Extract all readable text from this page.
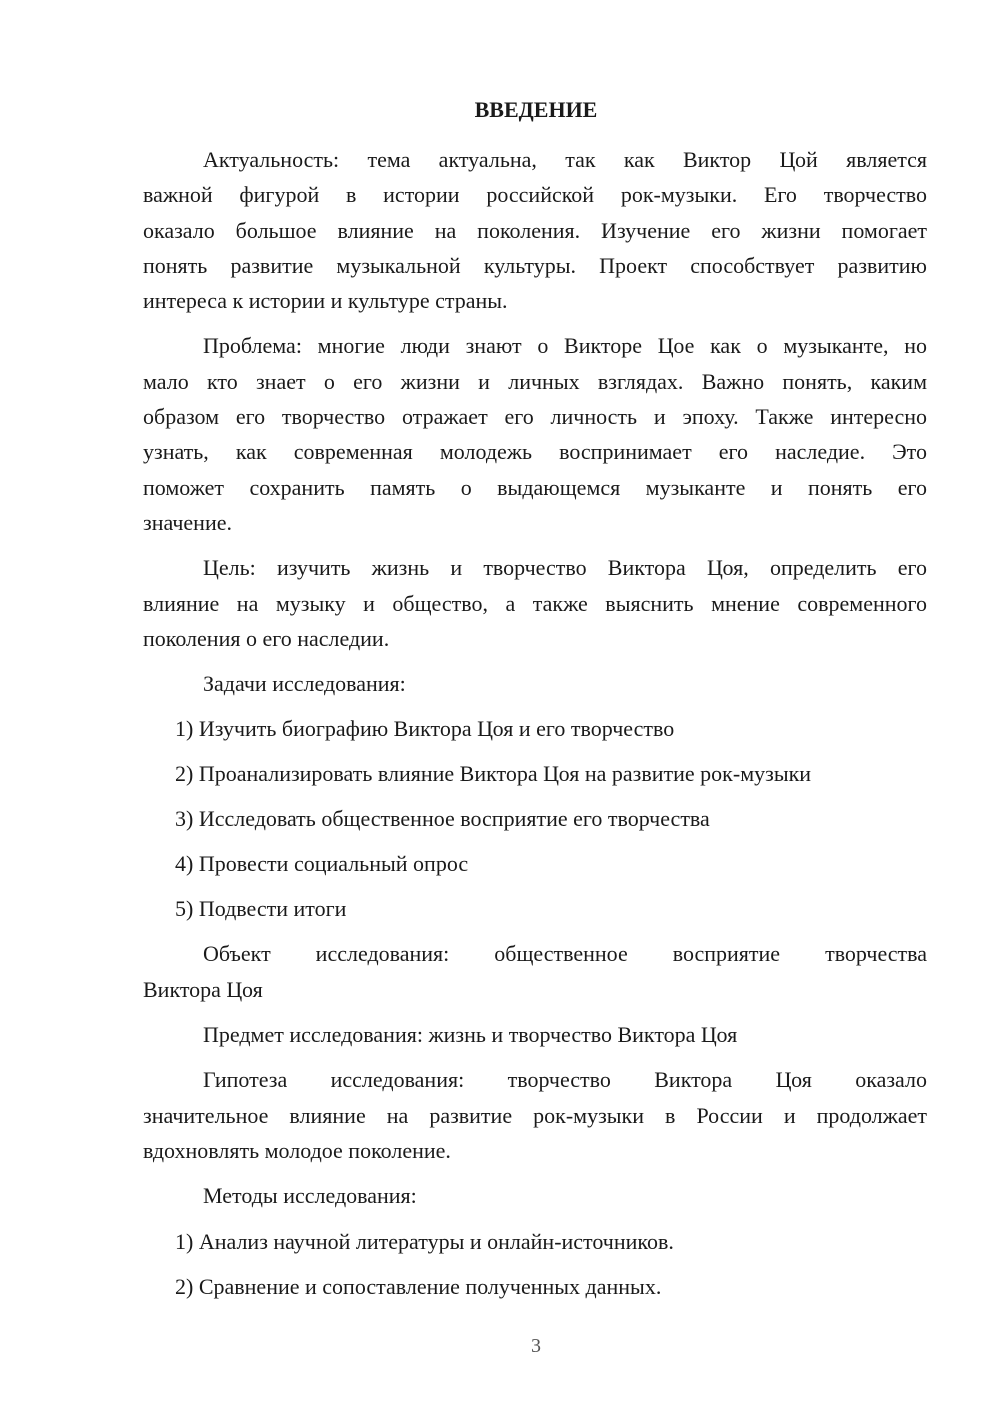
ВВЕДЕНИЕ
Актуальность: тема актуальна, так как Виктор Цой является
важной фигурой в истории российской рок-музыки. Его творчество
оказало большое влияние на поколения. Изучение его жизни помогает
понять развитие музыкальной культуры. Проект способствует развитию
интереса к истории и культуре страны.
Проблема: многие люди знают о Викторе Цое как о музыканте, но
мало кто знает о его жизни и личных взглядах. Важно понять, каким
образом его творчество отражает его личность и эпоху. Также интересно
узнать, как современная молодежь воспринимает его наследие. Это
поможет сохранить память о выдающемся музыканте и понять его
значение.
Цель: изучить жизнь и творчество Виктора Цоя, определить его
влияние на музыку и общество, а также выяснить мнение современного
поколения о его наследии.
Задачи исследования:
1) Изучить биографию Виктора Цоя и его творчество
2) Проанализировать влияние Виктора Цоя на развитие рок-музыки
3) Исследовать общественное восприятие его творчества
4) Провести социальный опрос
5) Подвести итоги
Объект исследования: общественное восприятие творчества
Виктора Цоя
Предмет исследования: жизнь и творчество Виктора Цоя
Гипотеза исследования: творчество Виктора Цоя оказало
значительное влияние на развитие рок-музыки в России и продолжает
вдохновлять молодое поколение.
Методы исследования:
1) Анализ научной литературы и онлайн-источников.
2) Сравнение и сопоставление полученных данных.
3
